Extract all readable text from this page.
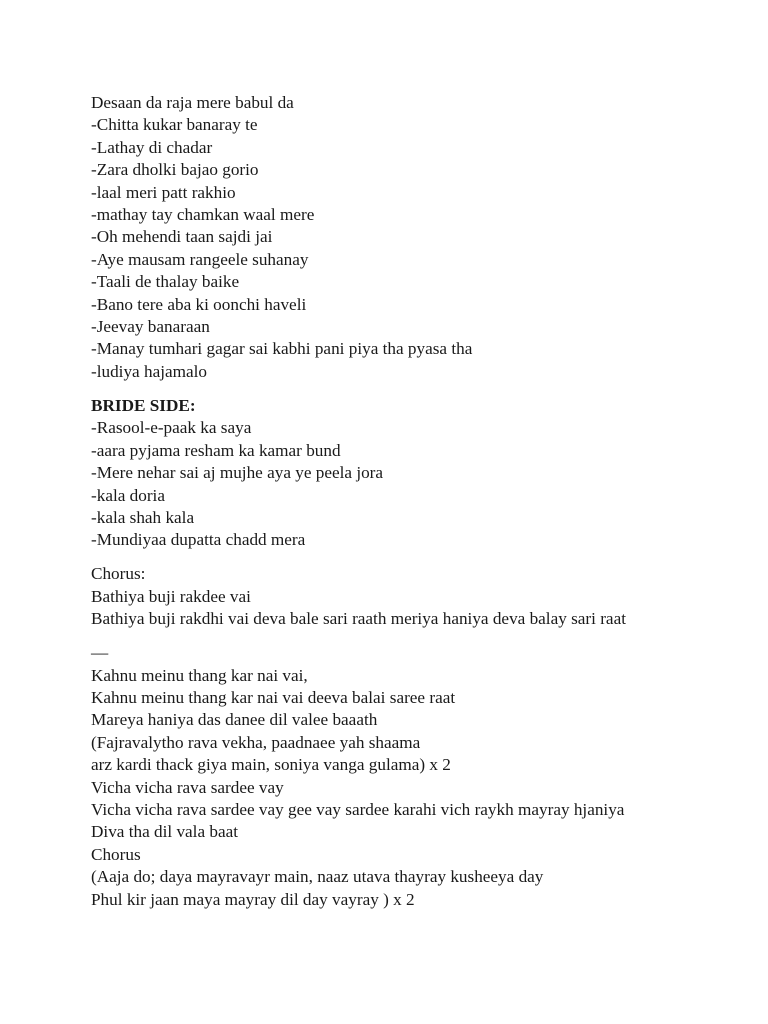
Desaan da raja mere babul da
-Chitta kukar banaray te
-Lathay di chadar
-Zara dholki bajao gorio
-laal meri patt rakhio
-mathay tay chamkan waal mere
-Oh mehendi taan sajdi jai
-Aye mausam rangeele suhanay
-Taali de thalay baike
-Bano tere aba ki oonchi haveli
-Jeevay banaraan
-Manay tumhari gagar sai kabhi pani piya tha pyasa tha
-ludiya hajamalo
BRIDE SIDE:
-Rasool-e-paak ka saya
-aara pyjama resham ka kamar bund
-Mere nehar sai aj mujhe aya ye peela jora
-kala doria
-kala shah kala
-Mundiyaa dupatta chadd mera
Chorus:
Bathiya buji rakdee vai
Bathiya buji rakdhi vai deva bale sari raath meriya haniya deva balay sari raat
—
Kahnu meinu thang kar nai vai,
Kahnu meinu thang kar nai vai deeva balai saree raat
Mareya haniya das danee dil valee baaath
(Fajravalytho rava vekha, paadnaee yah shaama
arz kardi thack giya main, soniya vanga gulama) x 2
Vicha vicha rava sardee vay
Vicha vicha rava sardee vay gee vay sardee karahi vich raykh mayray hjaniya
Diva tha dil vala baat
Chorus
(Aaja do; daya mayravayr main, naaz utava thayray kusheeya day
Phul kir jaan maya mayray dil day vayray ) x 2
